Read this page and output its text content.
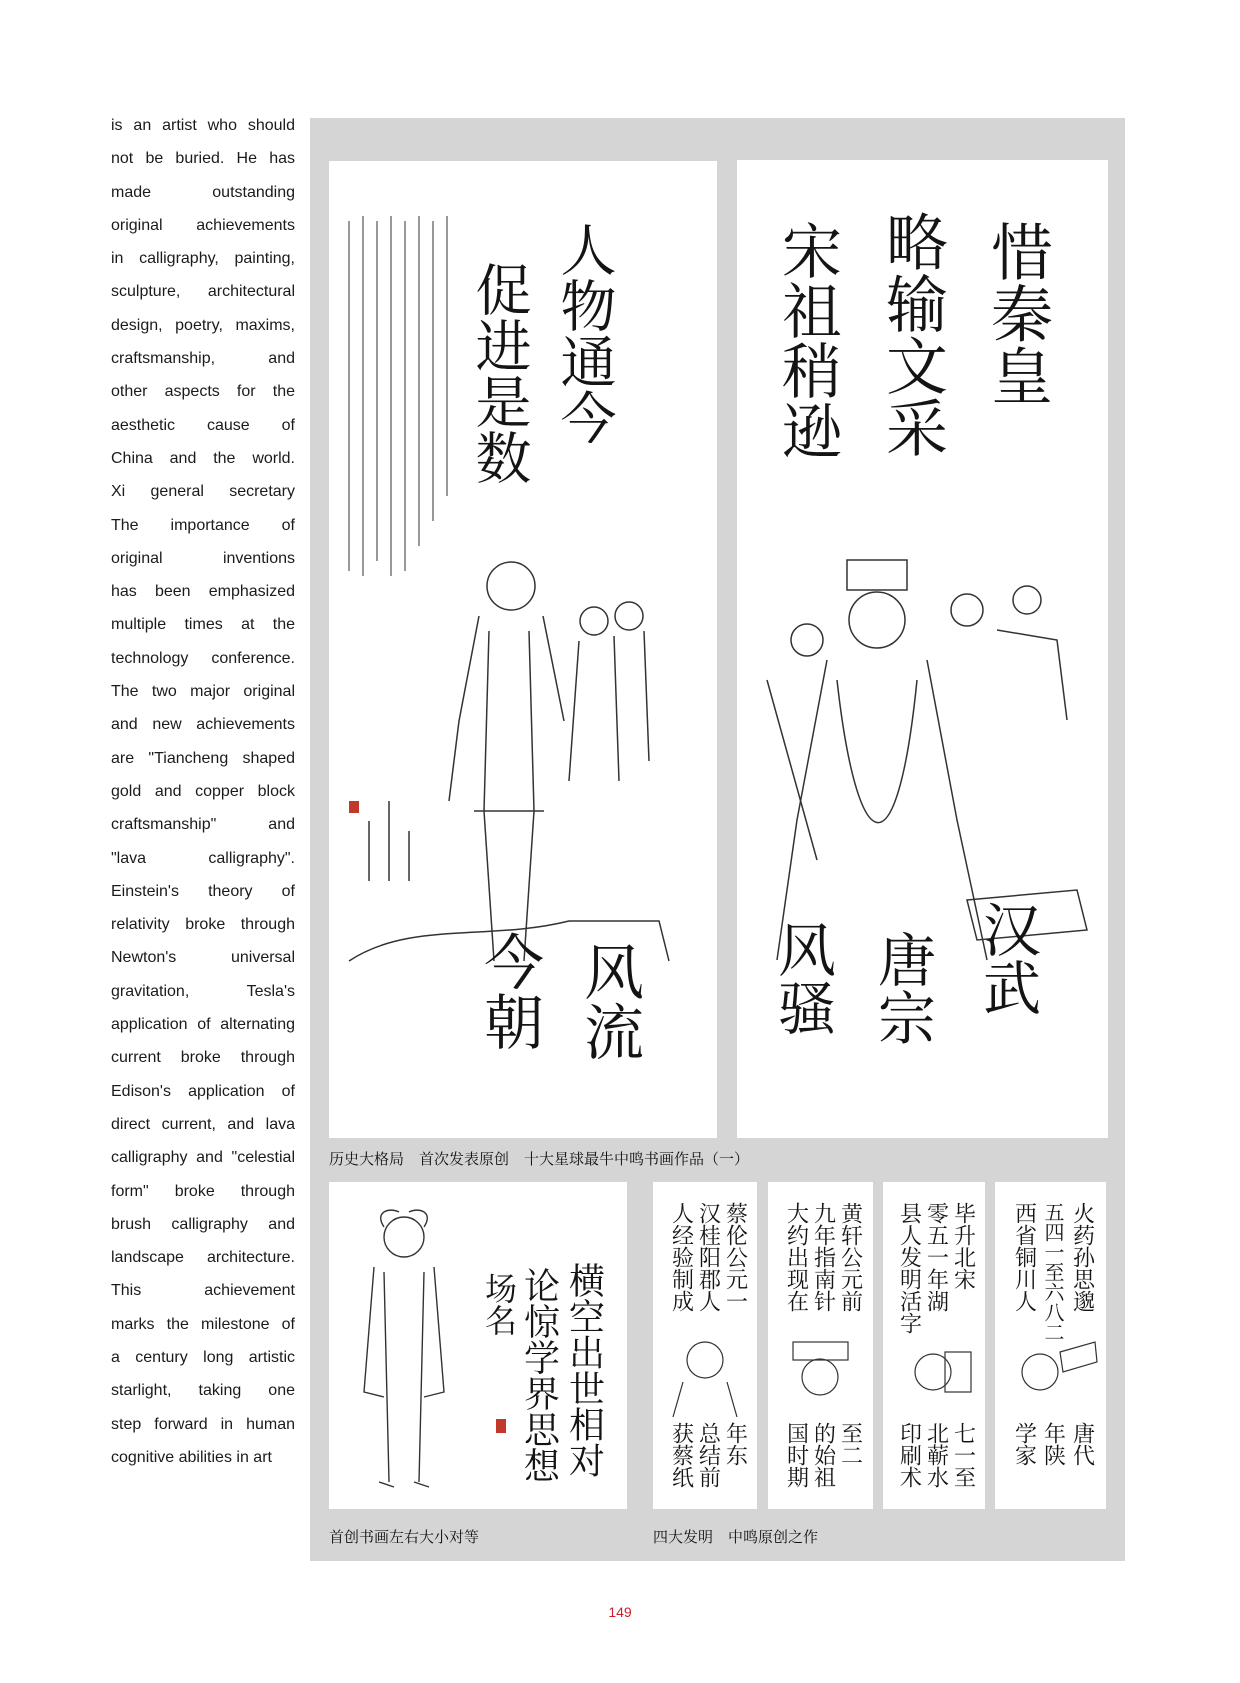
is an artist who should
not be buried. He has
made outstanding
original achievements
in calligraphy, painting,
sculpture, architectural
design, poetry, maxims,
craftsmanship, and
other aspects for the
aesthetic cause of
China and the world.
Xi general secretary
The importance of
original inventions
has been emphasized
multiple times at the
technology conference.
The two major original
and new achievements
are "Tiancheng shaped
gold and copper block
craftsmanship" and
"lava calligraphy".
Einstein's theory of
relativity broke through
Newton's universal
gravitation, Tesla's
application of alternating
current broke through
Edison's application of
direct current, and lava
calligraphy and "celestial
form" broke through
brush calligraphy and
landscape architecture.
This achievement
marks the milestone of
a century long artistic
starlight, taking one
step forward in human
cognitive abilities in art
促进是数 人物通今
风流
今朝
惜秦皇
略输文采
宋祖稍逊
汉武
唐宗
风骚
历史大格局　首次发表原创　十大星球最牛中鸣书画作品（一）
横空出世相对
论惊学界思想
场名	蔡伦公元一
汉桂阳郡人
人经验制成
年东
总结前
获蔡纸
黄轩公元前
九年指南针
大约出现在
至二
的始祖
国时期
毕升北宋
零五一年湖
县人发明活字
七一至
北蕲水
印刷术
火药孙思邈
五四一至六八二
西省铜川人
唐代
年陕
学家
首创书画左右大小对等	四大发明　中鸣原创之作
149
